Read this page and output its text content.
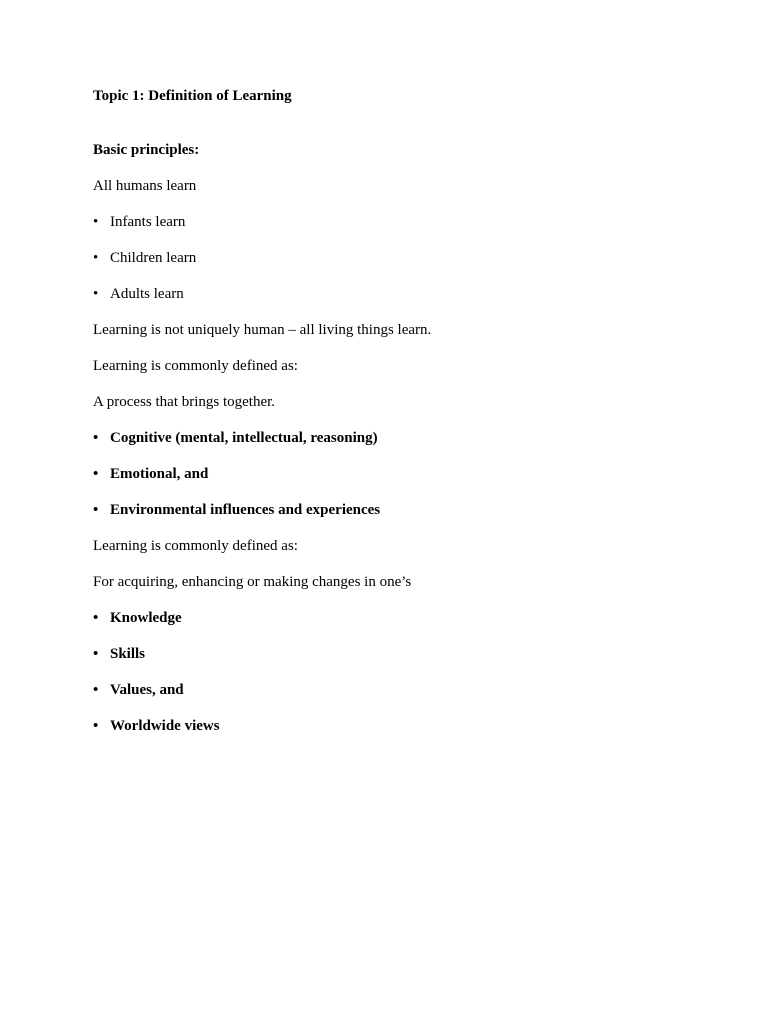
Topic 1: Definition of Learning
Basic principles:
All humans learn
• Infants learn
• Children learn
• Adults learn
Learning is not uniquely human – all living things learn.
Learning is commonly defined as:
A process that brings together.
• Cognitive (mental, intellectual, reasoning)
• Emotional, and
• Environmental influences and experiences
Learning is commonly defined as:
For acquiring, enhancing or making changes in one’s
• Knowledge
• Skills
• Values, and
• Worldwide views
